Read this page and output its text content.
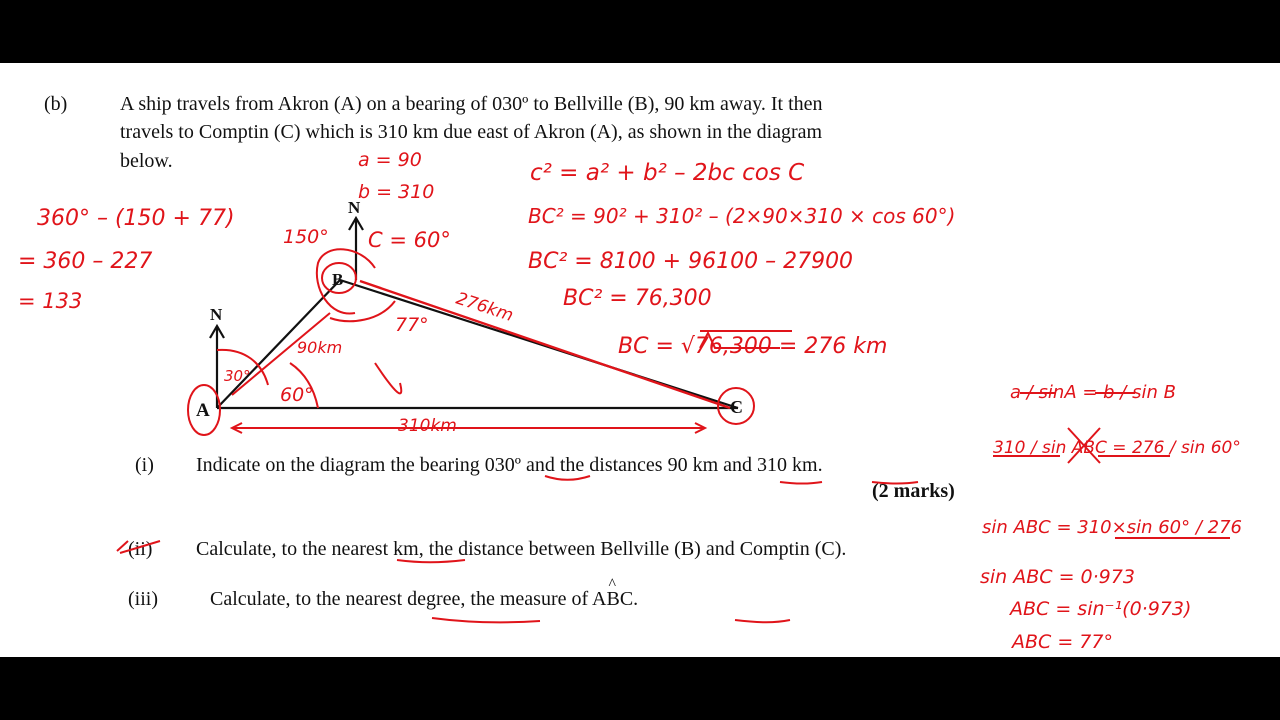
(b)	A ship travels from Akron (A) on a bearing of 030º to Bellville (B), 90 km away. It then
travels to Comptin (C) which is 310 km due east of Akron (A), as shown in the diagram
below.
(i) Indicate on the diagram the bearing 030º and the distances 90 km and 310 km.
(2 marks)
(ii) Calculate, to the nearest km, the distance between Bellville (B) and Comptin (C).
(iii)	Calculate, to the nearest degree, the measure of AB
^
C.
A
B
C
N
N
a = 90
b = 310
C = 60°
360° – (150 + 77)
= 360 – 227
= 133
150°
30°
60°
90km
310km
276km
77°
c² = a² + b² – 2bc cos C
BC² = 90² + 310² – (2×90×310 × cos 60°)
BC² = 8100 + 96100 – 27900
BC² = 76,300
BC = √76,300 = 276 km
a / sinA = b / sin B
310 / sin ABC = 276 / sin 60°
sin ABC = 310×sin 60° / 276
sin ABC = 0·973
ABC = sin⁻¹(0·973)
ABC = 77°
